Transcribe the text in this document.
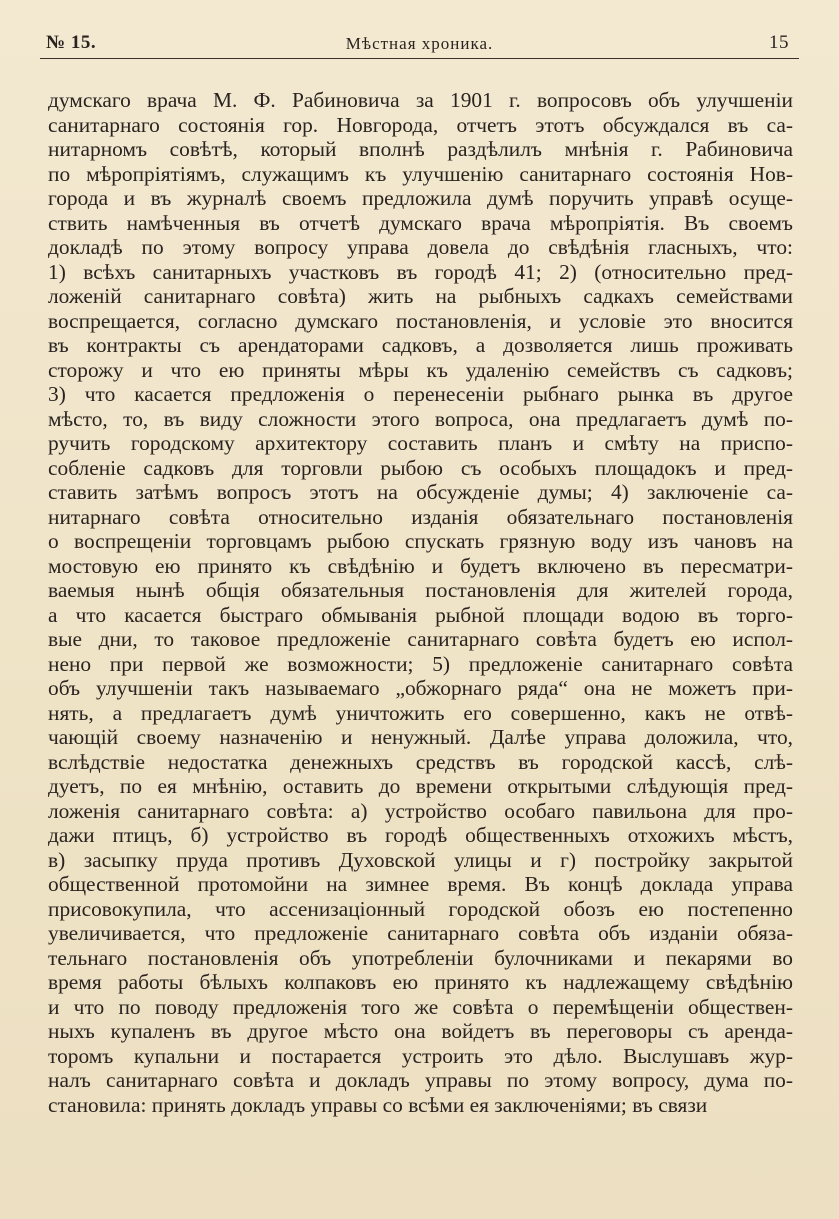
№ 15.	Мѣстная хроника.	15
думскаго врача М. Ф. Рабиновича за 1901 г. вопросовъ объ улучшеніи
санитарнаго состоянія гор. Новгорода, отчетъ этотъ обсуждался въ са-
нитарномъ совѣтѣ, который вполнѣ раздѣлилъ мнѣнія г. Рабиновича
по мѣропріятіямъ, служащимъ къ улучшенію санитарнаго состоянія Нов-
города и въ журналѣ своемъ предложила думѣ поручить управѣ осуще-
ствить намѣченныя въ отчетѣ думскаго врача мѣропріятія. Въ своемъ
докладѣ по этому вопросу управа довела до свѣдѣнія гласныхъ, что:
1) всѣхъ санитарныхъ участковъ въ городѣ 41; 2) (относительно пред-
ложеній санитарнаго совѣта) жить на рыбныхъ садкахъ семействами
воспрещается, согласно думскаго постановленія, и условіе это вносится
въ контракты съ арендаторами садковъ, а дозволяется лишь проживать
сторожу и что ею приняты мѣры къ удаленію семействъ съ садковъ;
3) что касается предложенія о перенесеніи рыбнаго рынка въ другое
мѣсто, то, въ виду сложности этого вопроса, она предлагаетъ думѣ по-
ручить городскому архитектору составить планъ и смѣту на приспо-
собленіе садковъ для торговли рыбою съ особыхъ площадокъ и пред-
ставить затѣмъ вопросъ этотъ на обсужденіе думы; 4) заключеніе са-
нитарнаго совѣта относительно изданія обязательнаго постановленія
о воспрещеніи торговцамъ рыбою спускать грязную воду изъ чановъ на
мостовую ею принято къ свѣдѣнію и будетъ включено въ пересматри-
ваемыя нынѣ общія обязательныя постановленія для жителей города,
а что касается быстраго обмыванія рыбной площади водою въ торго-
вые дни, то таковое предложеніе санитарнаго совѣта будетъ ею испол-
нено при первой же возможности; 5) предложеніе санитарнаго совѣта
объ улучшеніи такъ называемаго „обжорнаго ряда“ она не можетъ при-
нять, а предлагаетъ думѣ уничтожить его совершенно, какъ не отвѣ-
чающій своему назначенію и ненужный. Далѣе управа доложила, что,
вслѣдствіе недостатка денежныхъ средствъ въ городской кассѣ, слѣ-
дуетъ, по ея мнѣнію, оставить до времени открытыми слѣдующія пред-
ложенія санитарнаго совѣта: а) устройство особаго павильона для про-
дажи птицъ, б) устройство въ городѣ общественныхъ отхожихъ мѣстъ,
в) засыпку пруда противъ Духовской улицы и г) постройку закрытой
общественной протомойни на зимнее время. Въ концѣ доклада управа
присовокупила, что ассенизаціонный городской обозъ ею постепенно
увеличивается, что предложеніе санитарнаго совѣта объ изданіи обяза-
тельнаго постановленія объ употребленіи булочниками и пекарями во
время работы бѣлыхъ колпаковъ ею принято къ надлежащему свѣдѣнію
и что по поводу предложенія того же совѣта о перемѣщеніи обществен-
ныхъ купаленъ въ другое мѣсто она войдетъ въ переговоры съ аренда-
торомъ купальни и постарается устроить это дѣло. Выслушавъ жур-
налъ санитарнаго совѣта и докладъ управы по этому вопросу, дума по-
становила: принять докладъ управы со всѣми ея заключеніями; въ связи
